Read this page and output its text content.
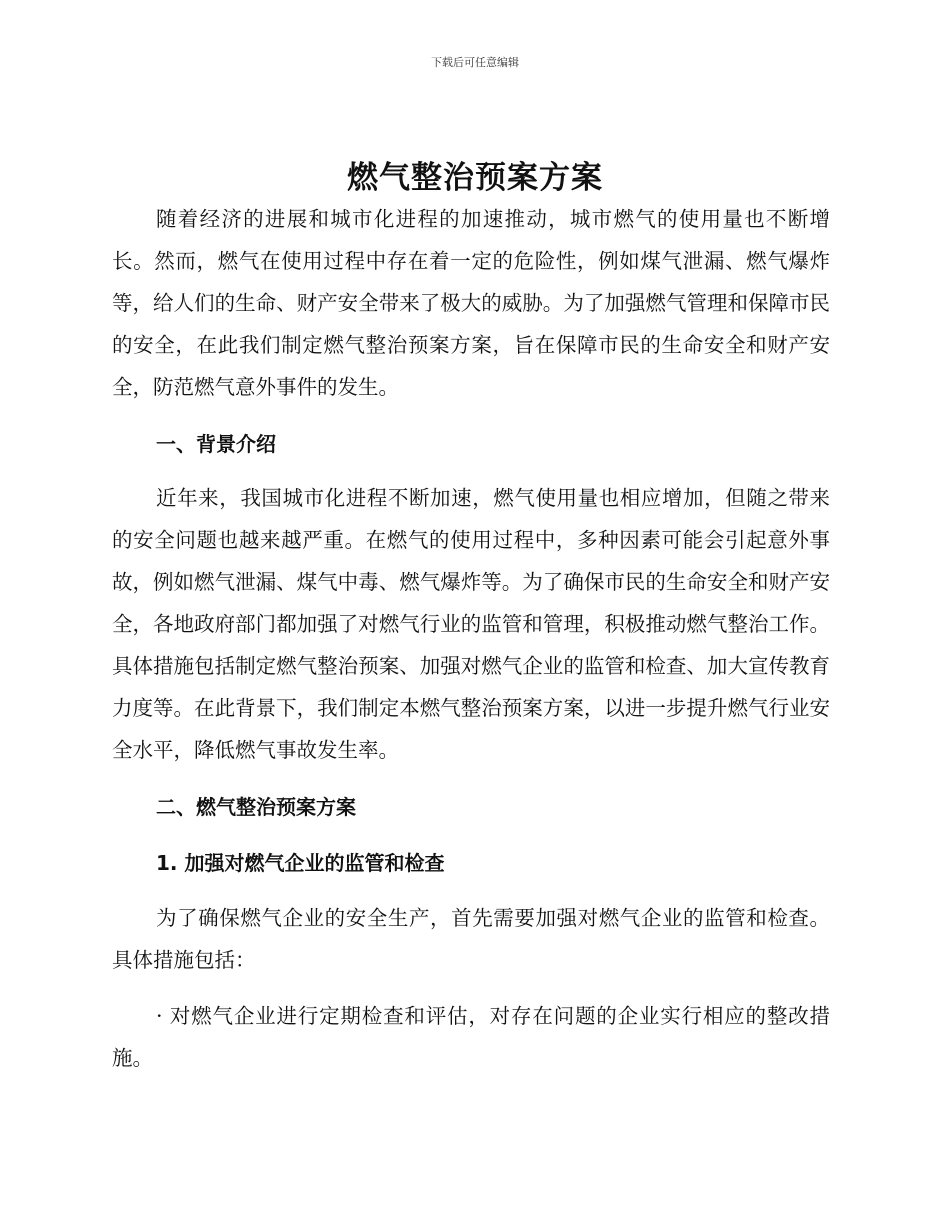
下载后可任意编辑
燃气整治预案方案

随着经济的进展和城市化进程的加速推动，城市燃气的使用量也不断增长。然而，燃气在使用过程中存在着一定的危险性，例如煤气泄漏、燃气爆炸等，给人们的生命、财产安全带来了极大的威胁。为了加强燃气管理和保障市民的安全，在此我们制定燃气整治预案方案，旨在保障市民的生命安全和财产安全，防范燃气意外事件的发生。

一、背景介绍

近年来，我国城市化进程不断加速，燃气使用量也相应增加，但随之带来的安全问题也越来越严重。在燃气的使用过程中，多种因素可能会引起意外事故，例如燃气泄漏、煤气中毒、燃气爆炸等。为了确保市民的生命安全和财产安全，各地政府部门都加强了对燃气行业的监管和管理，积极推动燃气整治工作。具体措施包括制定燃气整治预案、加强对燃气企业的监管和检查、加大宣传教育力度等。在此背景下，我们制定本燃气整治预案方案，以进一步提升燃气行业安全水平，降低燃气事故发生率。

二、燃气整治预案方案
1. 加强对燃气企业的监管和检查

为了确保燃气企业的安全生产，首先需要加强对燃气企业的监管和检查。具体措施包括：

· 对燃气企业进行定期检查和评估，对存在问题的企业实行相应的整改措施。
